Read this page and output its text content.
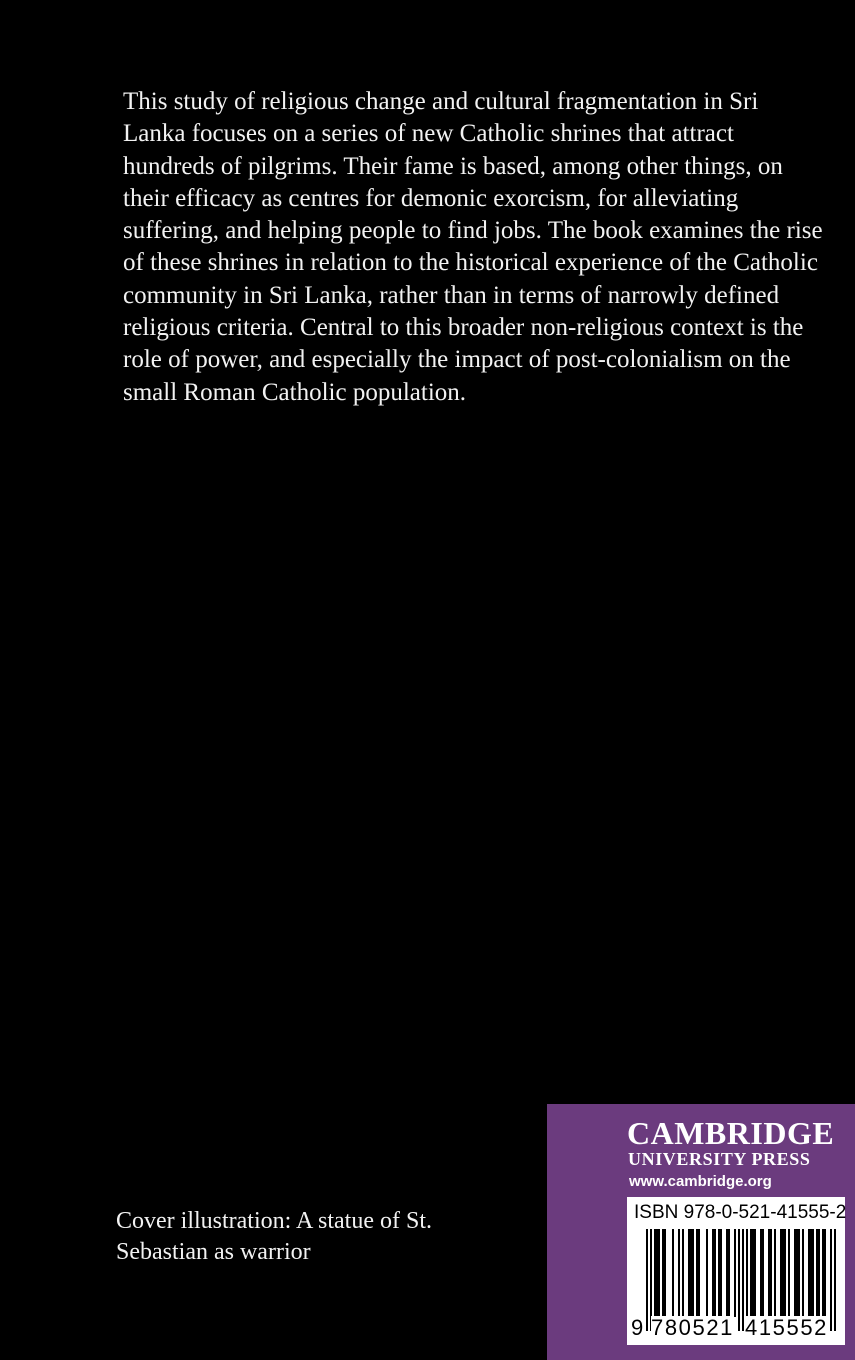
This study of religious change and cultural fragmentation in Sri Lanka focuses on a series of new Catholic shrines that attract hundreds of pilgrims. Their fame is based, among other things, on their efficacy as centres for demonic exorcism, for alleviating suffering, and helping people to find jobs. The book examines the rise of these shrines in relation to the historical experience of the Catholic community in Sri Lanka, rather than in terms of narrowly defined religious criteria. Central to this broader non-religious context is the role of power, and especially the impact of post-colonialism on the small Roman Catholic population.

Cover illustration: A statue of St.
Sebastian as warrior
CAMBRIDGE
UNIVERSITY PRESS
www.cambridge.org
ISBN 978-0-521-41555-2
9 780521 415552
